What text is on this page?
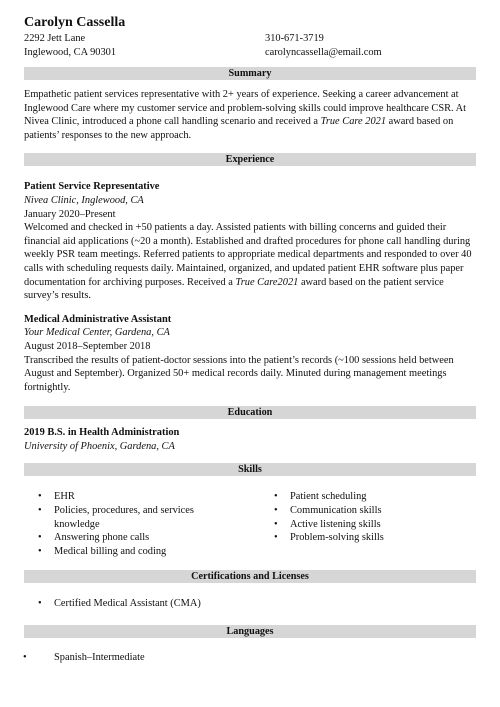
Carolyn Cassella
2292 Jett Lane
Inglewood, CA 90301
310-671-3719
carolyncassella@email.com
Summary

Empathetic patient services representative with 2+ years of experience. Seeking a career advancement at Inglewood Care where my customer service and problem-solving skills could improve healthcare CSR. At Nivea Clinic, introduced a phone call handling scenario and received a True Care 2021 award based on patients’ responses to the new approach.

Experience
Patient Service Representative
Nivea Clinic, Inglewood, CA
January 2020–Present

Welcomed and checked in +50 patients a day. Assisted patients with billing concerns and guided their financial aid applications (~20 a month). Established and drafted procedures for phone call handling during weekly PSR team meetings. Referred patients to appropriate medical departments and responded to over 40 calls with scheduling requests daily. Maintained, organized, and updated patient EHR software plus paper documentation for archiving purposes. Received a True Care2021 award based on the patient service survey’s results.

Medical Administrative Assistant
Your Medical Center, Gardena, CA
August 2018–September 2018

Transcribed the results of patient-doctor sessions into the patient’s records (~100 sessions held between August and September). Organized 50+ medical records daily. Minuted during management meetings fortnightly.

Education
2019 B.S. in Health Administration
University of Phoenix, Gardena, CA
Skills
•	EHR
•	Policies, procedures, and services knowledge
•	Answering phone calls
•	Medical billing and coding
•	Patient scheduling
•	Communication skills
•	Active listening skills
•	Problem-solving skills
Certifications and Licenses
•	Certified Medical Assistant (CMA)
Languages
•	Spanish–Intermediate
